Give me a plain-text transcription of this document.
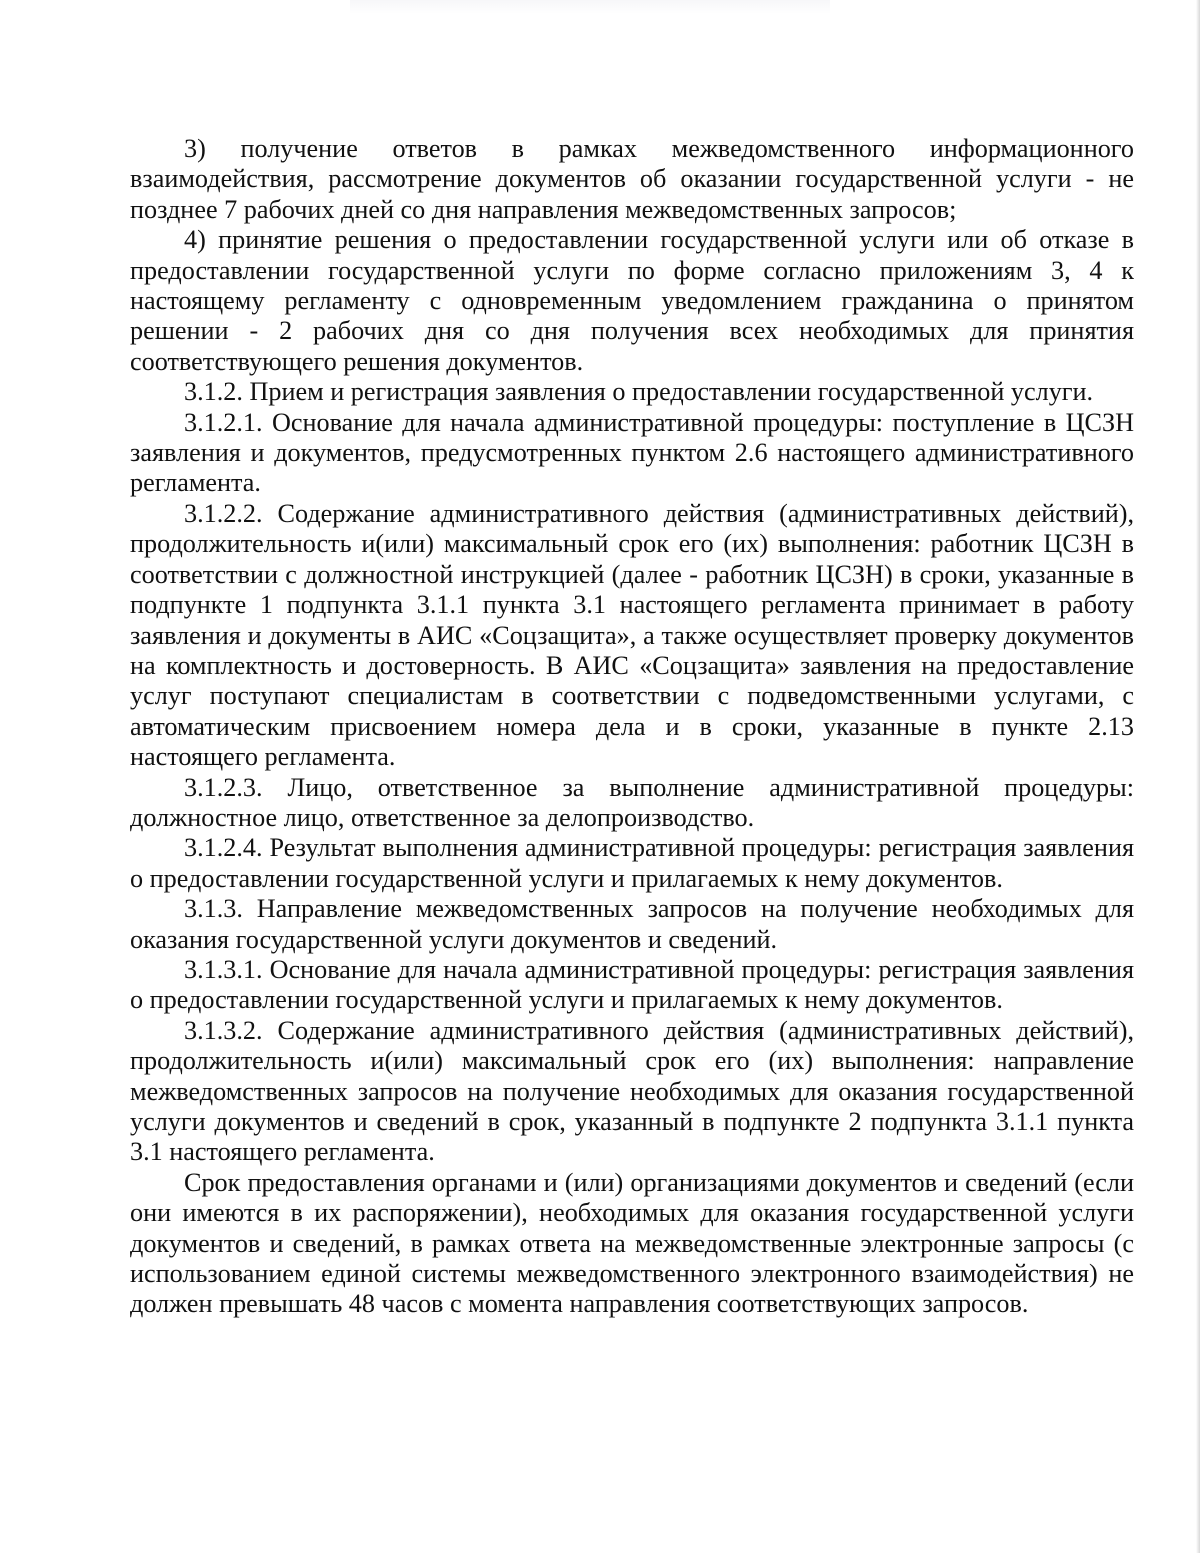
3) получение ответов в рамках межведомственного информационного взаимодействия, рассмотрение документов об оказании государственной услуги - не позднее 7 рабочих дней со дня направления межведомственных запросов;

4) принятие решения о предоставлении государственной услуги или об отказе в предоставлении государственной услуги по форме согласно приложениям 3, 4 к настоящему регламенту с одновременным уведомлением гражданина о принятом решении - 2 рабочих дня со дня получения всех необходимых для принятия соответствующего решения документов.

3.1.2. Прием и регистрация заявления о предоставлении государственной услуги.

3.1.2.1. Основание для начала административной процедуры: поступление в ЦСЗН заявления и документов, предусмотренных пунктом 2.6 настоящего административного регламента.

3.1.2.2. Содержание административного действия (административных действий), продолжительность и(или) максимальный срок его (их) выполнения: работник ЦСЗН в соответствии с должностной инструкцией (далее - работник ЦСЗН) в сроки, указанные в подпункте 1 подпункта 3.1.1 пункта 3.1 настоящего регламента принимает в работу заявления и документы в АИС «Соцзащита», а также осуществляет проверку документов на комплектность и достоверность. В АИС «Соцзащита» заявления на предоставление услуг поступают специалистам в соответствии с подведомственными услугами, с автоматическим присвоением номера дела и в сроки, указанные в пункте 2.13 настоящего регламента.

3.1.2.3. Лицо, ответственное за выполнение административной процедуры: должностное лицо, ответственное за делопроизводство.

3.1.2.4. Результат выполнения административной процедуры: регистрация заявления о предоставлении государственной услуги и прилагаемых к нему документов.

3.1.3. Направление межведомственных запросов на получение необходимых для оказания государственной услуги документов и сведений.

3.1.3.1. Основание для начала административной процедуры: регистрация заявления о предоставлении государственной услуги и прилагаемых к нему документов.

3.1.3.2. Содержание административного действия (административных действий), продолжительность и(или) максимальный срок его (их) выполнения: направление межведомственных запросов на получение необходимых для оказания государственной услуги документов и сведений в срок, указанный в подпункте 2 подпункта 3.1.1 пункта 3.1 настоящего регламента.

Срок предоставления органами и (или) организациями документов и сведений (если они имеются в их распоряжении), необходимых для оказания государственной услуги документов и сведений, в рамках ответа на межведомственные электронные запросы (с использованием единой системы межведомственного электронного взаимодействия) не должен превышать 48 часов с момента направления соответствующих запросов.
